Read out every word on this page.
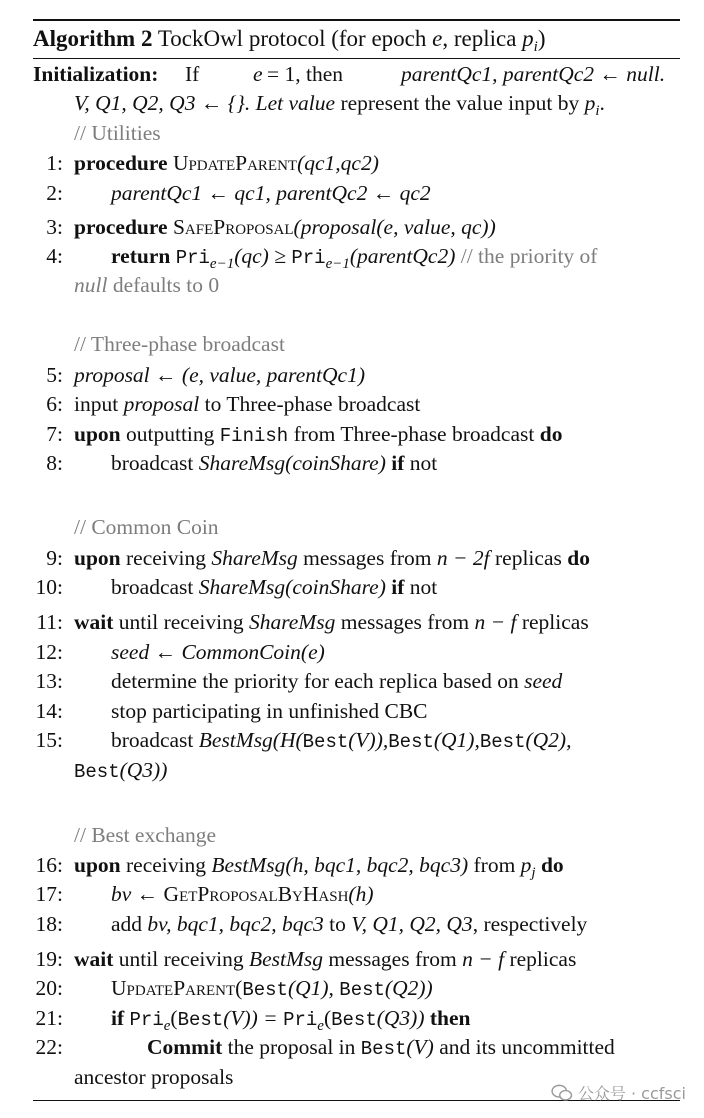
Algorithm 2 TockOwl protocol (for epoch e, replica $p_i$)
Initialization: If e = 1, then	parentQc1, parentQc2 ← null.
V, Q1, Q2, Q3 ← {}. Let value represent the value input by $p_i$.
// Utilities
1: procedure UpdateParent(qc1,qc2)
2: parentQc1 ← qc1, parentQc2 ← qc2
3: procedure SafeProposal(proposal(e, value, qc))
4: return Pri$_{e-1}$(qc) ≥ Pri$_{e-1}$(parentQc2) // the priority of
null defaults to 0
// Three-phase broadcast
5: proposal ← (e, value, parentQc1)
6: input proposal to Three-phase broadcast
7: upon outputting Finish from Three-phase broadcast do
8: broadcast ShareMsg(coinShare) if not
// Common Coin
9: upon receiving ShareMsg messages from n − 2f replicas do
10: broadcast ShareMsg(coinShare) if not
11: wait until receiving ShareMsg messages from n − f replicas
12: seed ← CommonCoin(e)
13: determine the priority for each replica based on seed
14: stop participating in unfinished CBC
15: broadcast BestMsg(H(Best(V)),Best(Q1),Best(Q2),
Best(Q3))
// Best exchange
16: upon receiving BestMsg(h, bqc1, bqc2, bqc3) from $p_j$ do
17: bv ← GetProposalByHash(h)
18: add bv, bqc1, bqc2, bqc3 to V, Q1, Q2, Q3, respectively
19: wait until receiving BestMsg messages from n − f replicas
20: UpdateParent(Best(Q1), Best(Q2))
21: if Pri$_e$(Best(V)) = Pri$_e$(Best(Q3)) then
22:	Commit the proposal in Best(V) and its uncommitted
ancestor proposals
公众号 · ccfsci
